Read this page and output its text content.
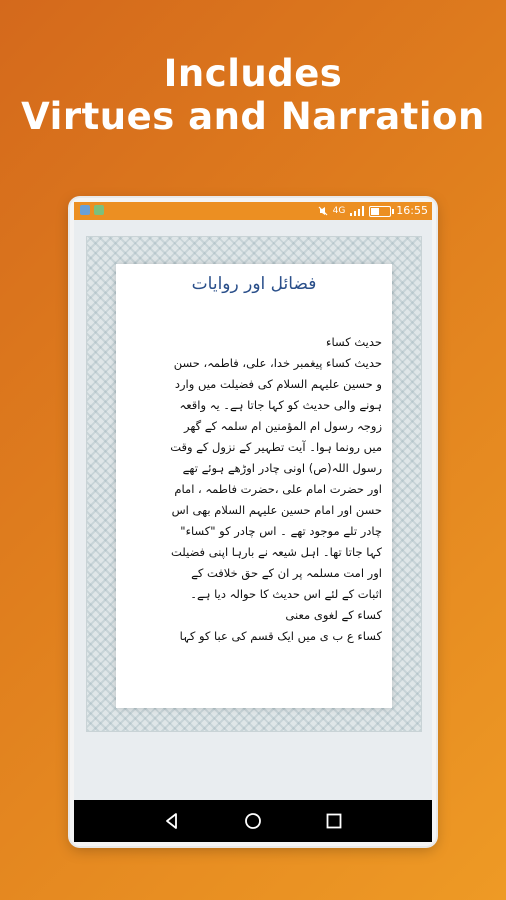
Includes
Virtues and Narration
4G	16:55
فضائل اور روایات
حدیث کساء
حدیث کساء پیغمبر خدا، علی، فاطمہ، حسن
و حسین علیہم السلام کی فضیلت میں وارد
ہونے والی حدیث کو کہا جاتا ہے۔ یہ واقعہ
زوجہ رسول ام المؤمنین ام سلمہ کے گھر
میں رونما ہوا۔ آیت تطہیر کے نزول کے وقت
رسول اللہ(ص) اونی چادر اوڑھے ہوئے تھے
اور حضرت امام علی ،حضرت فاطمہ ، امام
حسن اور امام حسین علیہم السلام بھی اس
چادر تلے موجود تھے ۔ اس چادر کو "کساء"
کہا جاتا تھا۔ اہل شیعہ نے بارہا اپنی فضیلت
اور امت مسلمہ پر ان کے حق خلافت کے
اثبات کے لئے اس حدیث کا حوالہ دیا ہے۔
کساء کے لغوی معنی
کساء ع ب ی میں ایک قسم کی عبا کو کہا
